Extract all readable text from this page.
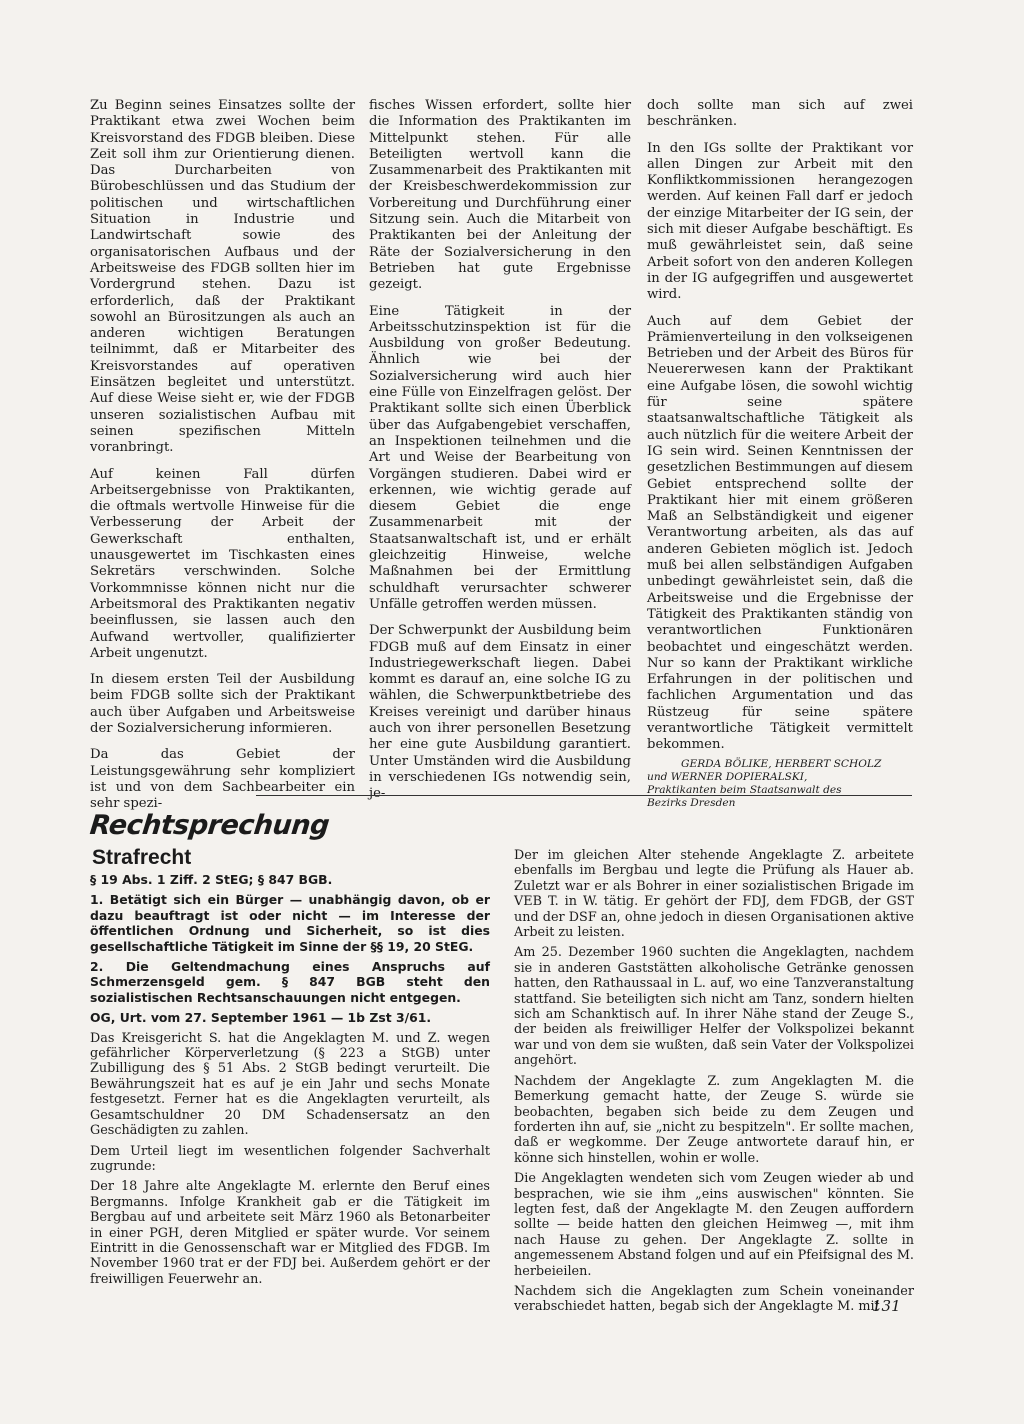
Zu Beginn seines Einsatzes sollte der Praktikant etwa zwei Wochen beim Kreisvorstand des FDGB bleiben. Diese Zeit soll ihm zur Orientierung dienen. Das Durcharbeiten von Bürobeschlüssen und das Studium der politischen und wirtschaftlichen Situation in Industrie und Landwirtschaft sowie des organisatorischen Aufbaus und der Arbeitsweise des FDGB sollten hier im Vordergrund stehen. Dazu ist erforderlich, daß der Praktikant sowohl an Bürositzungen als auch an anderen wichtigen Beratungen teilnimmt, daß er Mitarbeiter des Kreisvorstandes auf operativen Einsätzen begleitet und unterstützt. Auf diese Weise sieht er, wie der FDGB unseren sozialistischen Aufbau mit seinen spezifischen Mitteln voranbringt.

Auf keinen Fall dürfen Arbeitsergebnisse von Praktikanten, die oftmals wertvolle Hinweise für die Verbesserung der Arbeit der Gewerkschaft enthalten, unausgewertet im Tischkasten eines Sekretärs verschwinden. Solche Vorkommnisse können nicht nur die Arbeitsmoral des Praktikanten negativ beeinflussen, sie lassen auch den Aufwand wertvoller, qualifizierter Arbeit ungenutzt.

In diesem ersten Teil der Ausbildung beim FDGB sollte sich der Praktikant auch über Aufgaben und Arbeitsweise der Sozialversicherung informieren.

Da das Gebiet der Leistungsgewährung sehr kompliziert ist und von dem Sachbearbeiter ein sehr spezi-

fisches Wissen erfordert, sollte hier die Information des Praktikanten im Mittelpunkt stehen. Für alle Beteiligten wertvoll kann die Zusammenarbeit des Praktikanten mit der Kreisbeschwerdekommission zur Vorbereitung und Durchführung einer Sitzung sein. Auch die Mitarbeit von Praktikanten bei der Anleitung der Räte der Sozialversicherung in den Betrieben hat gute Ergebnisse gezeigt.

Eine Tätigkeit in der Arbeitsschutzinspektion ist für die Ausbildung von großer Bedeutung. Ähnlich wie bei der Sozialversicherung wird auch hier eine Fülle von Einzelfragen gelöst. Der Praktikant sollte sich einen Überblick über das Aufgabengebiet verschaffen, an Inspektionen teilnehmen und die Art und Weise der Bearbeitung von Vorgängen studieren. Dabei wird er erkennen, wie wichtig gerade auf diesem Gebiet die enge Zusammenarbeit mit der Staatsanwaltschaft ist, und er erhält gleichzeitig Hinweise, welche Maßnahmen bei der Ermittlung schuldhaft verursachter schwerer Unfälle getroffen werden müssen.

Der Schwerpunkt der Ausbildung beim FDGB muß auf dem Einsatz in einer Industriegewerkschaft liegen. Dabei kommt es darauf an, eine solche IG zu wählen, die Schwerpunktbetriebe des Kreises vereinigt und darüber hinaus auch von ihrer personellen Besetzung her eine gute Ausbildung garantiert. Unter Umständen wird die Ausbildung in verschiedenen IGs notwendig sein, je-

doch sollte man sich auf zwei beschränken.

In den IGs sollte der Praktikant vor allen Dingen zur Arbeit mit den Konfliktkommissionen herangezogen werden. Auf keinen Fall darf er jedoch der einzige Mitarbeiter der IG sein, der sich mit dieser Aufgabe beschäftigt. Es muß gewährleistet sein, daß seine Arbeit sofort von den anderen Kollegen in der IG aufgegriffen und ausgewertet wird.

Auch auf dem Gebiet der Prämienverteilung in den volkseigenen Betrieben und der Arbeit des Büros für Neuererwesen kann der Praktikant eine Aufgabe lösen, die sowohl wichtig für seine spätere staatsanwaltschaftliche Tätigkeit als auch nützlich für die weitere Arbeit der IG sein wird. Seinen Kenntnissen der gesetzlichen Bestimmungen auf diesem Gebiet entsprechend sollte der Praktikant hier mit einem größeren Maß an Selbständigkeit und eigener Verantwortung arbeiten, als das auf anderen Gebieten möglich ist. Jedoch muß bei allen selbständigen Aufgaben unbedingt gewährleistet sein, daß die Arbeitsweise und die Ergebnisse der Tätigkeit des Praktikanten ständig von verantwortlichen Funktionären beobachtet und eingeschätzt werden. Nur so kann der Praktikant wirkliche Erfahrungen in der politischen und fachlichen Argumentation und das Rüstzeug für seine spätere verantwortliche Tätigkeit vermittelt bekommen.

GERDA BÖLIKE, HERBERT SCHOLZ
und WERNER DOPIERALSKI,
Praktikanten beim Staatsanwalt des
Bezirks Dresden
Rechtsprechung
Strafrecht

§ 19 Abs. 1 Ziff. 2 StEG; § 847 BGB.

1. Betätigt sich ein Bürger — unabhängig davon, ob er dazu beauftragt ist oder nicht — im Interesse der öffentlichen Ordnung und Sicherheit, so ist dies gesellschaftliche Tätigkeit im Sinne der §§ 19, 20 StEG.

2. Die Geltendmachung eines Anspruchs auf Schmerzensgeld gem. § 847 BGB steht den sozialistischen Rechtsanschauungen nicht entgegen.

OG, Urt. vom 27. September 1961 — 1b Zst 3/61.

Das Kreisgericht S. hat die Angeklagten M. und Z. wegen gefährlicher Körperverletzung (§ 223 a StGB) unter Zubilligung des § 51 Abs. 2 StGB bedingt verurteilt. Die Bewährungszeit hat es auf je ein Jahr und sechs Monate festgesetzt. Ferner hat es die Angeklagten verurteilt, als Gesamtschuldner 20 DM Schadensersatz an den Geschädigten zu zahlen.

Dem Urteil liegt im wesentlichen folgender Sachverhalt zugrunde:

Der 18 Jahre alte Angeklagte M. erlernte den Beruf eines Bergmanns. Infolge Krankheit gab er die Tätigkeit im Bergbau auf und arbeitete seit März 1960 als Betonarbeiter in einer PGH, deren Mitglied er später wurde. Vor seinem Eintritt in die Genossenschaft war er Mitglied des FDGB. Im November 1960 trat er der FDJ bei. Außerdem gehört er der freiwilligen Feuerwehr an.

Der im gleichen Alter stehende Angeklagte Z. arbeitete ebenfalls im Bergbau und legte die Prüfung als Hauer ab. Zuletzt war er als Bohrer in einer sozialistischen Brigade im VEB T. in W. tätig. Er gehört der FDJ, dem FDGB, der GST und der DSF an, ohne jedoch in diesen Organisationen aktive Arbeit zu leisten.

Am 25. Dezember 1960 suchten die Angeklagten, nachdem sie in anderen Gaststätten alkoholische Getränke genossen hatten, den Rathaussaal in L. auf, wo eine Tanzveranstaltung stattfand. Sie beteiligten sich nicht am Tanz, sondern hielten sich am Schanktisch auf. In ihrer Nähe stand der Zeuge S., der beiden als freiwilliger Helfer der Volkspolizei bekannt war und von dem sie wußten, daß sein Vater der Volkspolizei angehört.

Nachdem der Angeklagte Z. zum Angeklagten M. die Bemerkung gemacht hatte, der Zeuge S. würde sie beobachten, begaben sich beide zu dem Zeugen und forderten ihn auf, sie „nicht zu bespitzeln". Er sollte machen, daß er wegkomme. Der Zeuge antwortete darauf hin, er könne sich hinstellen, wohin er wolle.

Die Angeklagten wendeten sich vom Zeugen wieder ab und besprachen, wie sie ihm „eins auswischen" könnten. Sie legten fest, daß der Angeklagte M. den Zeugen auffordern sollte — beide hatten den gleichen Heimweg —, mit ihm nach Hause zu gehen. Der Angeklagte Z. sollte in angemessenem Abstand folgen und auf ein Pfeifsignal des M. herbeieilen.

Nachdem sich die Angeklagten zum Schein voneinander verabschiedet hatten, begab sich der Angeklagte M. mit

131
